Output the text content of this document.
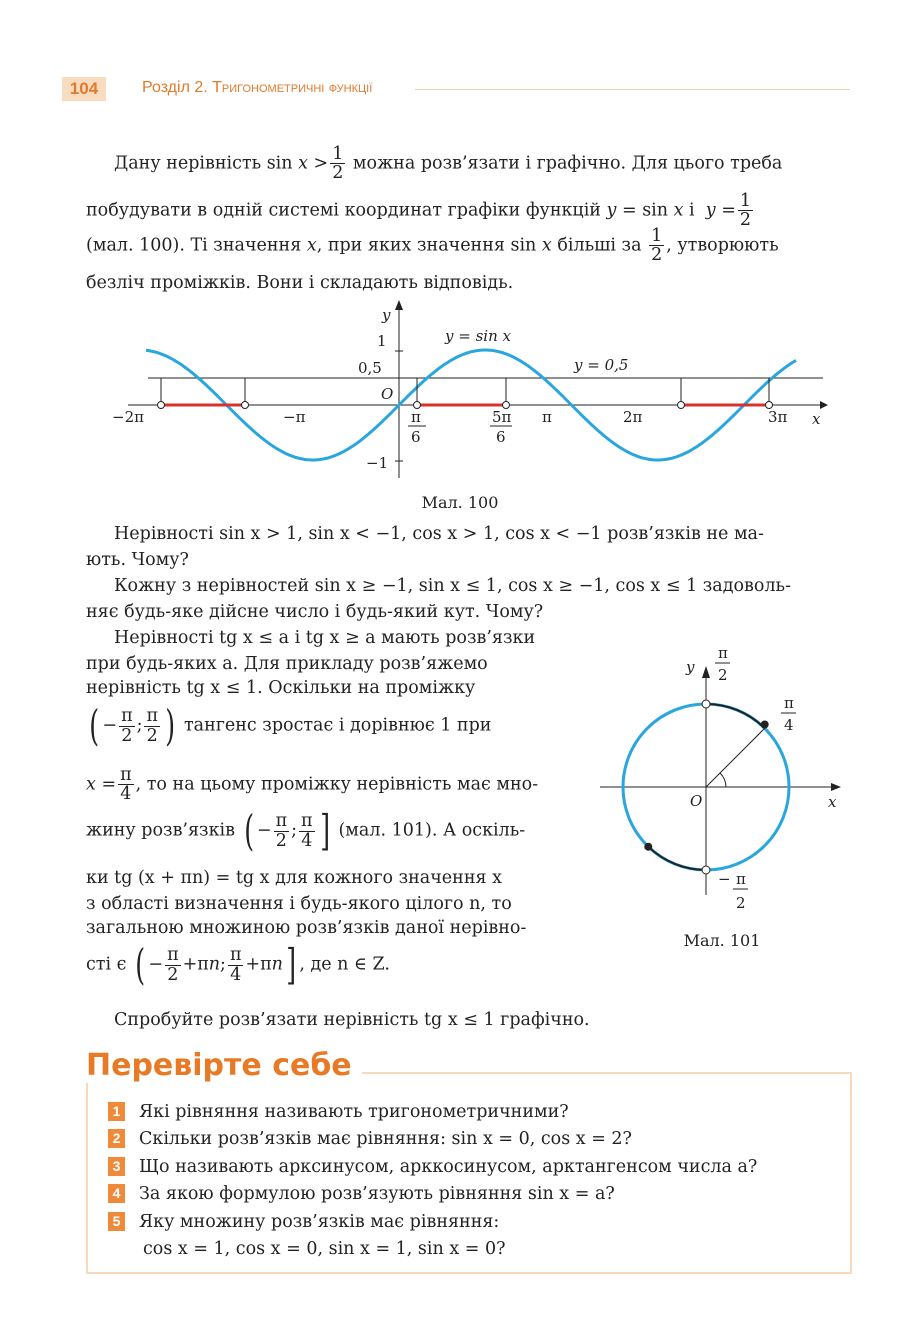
104	Розділ 2. Тригонометричні функції
Дану нерівність $\sin x > \frac{1}{2}$ можна розв’язати і графічно. Для цього треба
побудувати в одній системі координат графіки функцій y = sin x і  $y = \frac{1}{2}$
(мал. 100). Ті значення x, при яких значення sin x більші за $\frac{1}{2}$ , утворюють
безліч проміжків. Вони і складають відповідь.
y
x
1
0,5
O
−1
y = sin x
y = 0,5
−2π	−π	π	2π	3π
π
6
5π
6
Мал. 100
Нерівності sin x > 1, sin x < −1, cos x > 1, cos x < −1 розв’язків не ма-
ють. Чому?
Кожну з нерівностей sin x ≥ −1, sin x ≤ 1, cos x ≥ −1, cos x ≤ 1 задоволь-
няє будь-яке дійсне число і будь-який кут. Чому?
Нерівності tg x ≤ a і tg x ≥ a мають розв’язки
при будь-яких a. Для прикладу розв’яжемо
нерівність tg x ≤ 1. Оскільки на проміжку
( − $\frac{\pi}{2}$ ; $\frac{\pi}{2}$ ) тангенс зростає і дорівнює 1 при
$x = \frac{\pi}{4}$ , то на цьому проміжку нерівність має мно-
жину розв’язків ( − $\frac{\pi}{2}$ ; $\frac{\pi}{4}$ ] (мал. 101). А оскіль-
ки tg (x + πn) = tg x для кожного значення x
з області визначення і будь-якого цілого n, то
загальною множиною розв’язків даної нерівно-
сті є ( − $\frac{\pi}{2} +\pi n$; $\frac{\pi}{4} +\pi n$] , де n ∈ Z.
Спробуйте розв’язати нерівність tg x ≤ 1 графічно.
y
x
O
π
2
π
4
− π
2
Мал. 101
Перевірте себе
1 Які рівняння називають тригонометричними?
2 Скільки розв’язків має рівняння: sin x = 0, cos x = 2?
3 Що називають арксинусом, арккосинусом, арктангенсом числа a?
4 За якою формулою розв’язують рівняння sin x = a?
5 Яку множину розв’язків має рівняння:
cos x = 1, cos x = 0, sin x = 1, sin x = 0?
